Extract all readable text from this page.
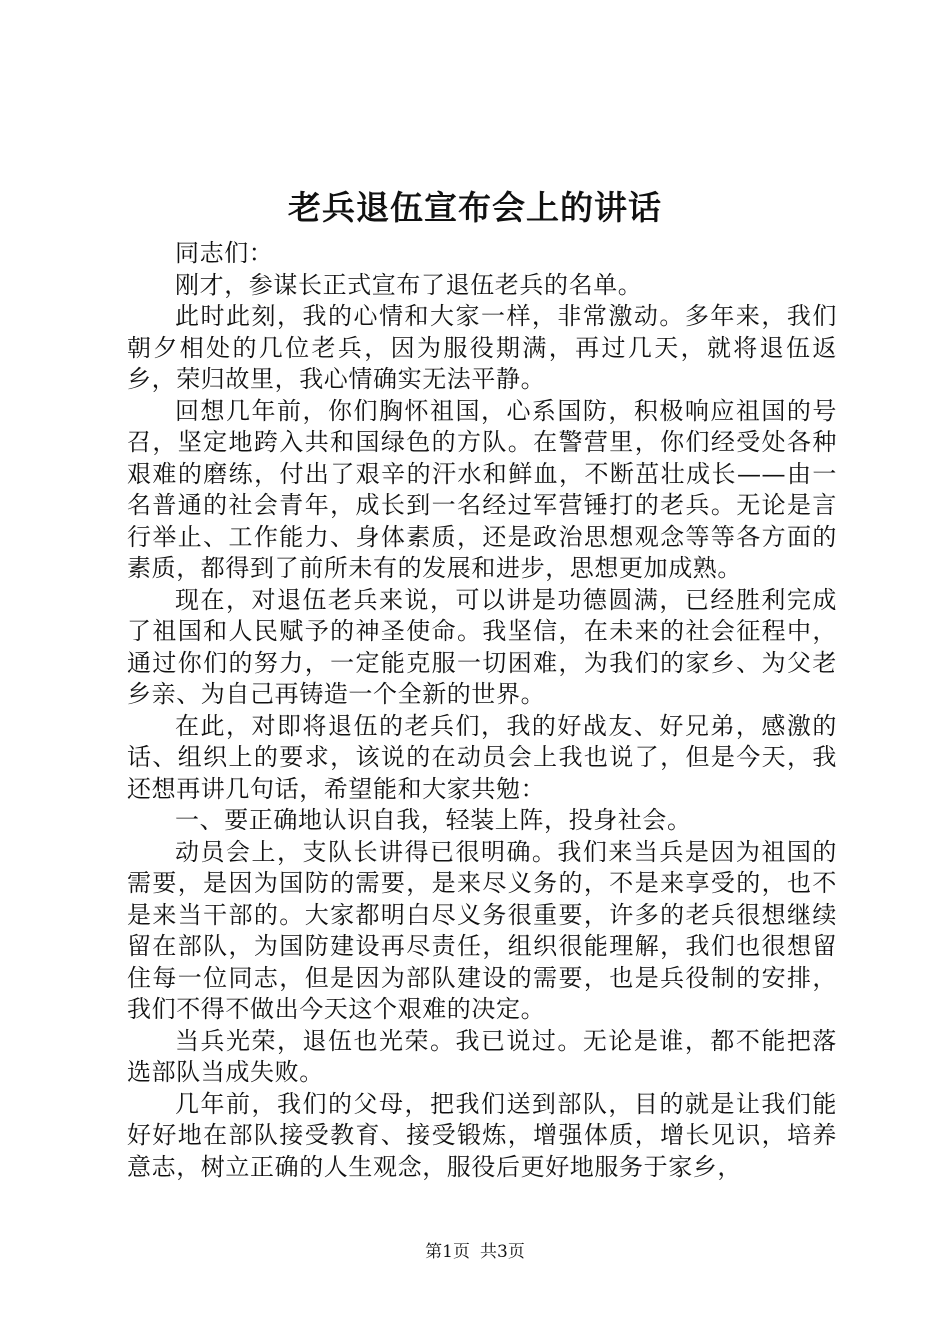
老兵退伍宣布会上的讲话

同志们：

刚才，参谋长正式宣布了退伍老兵的名单。

此时此刻，我的心情和大家一样，非常激动。多年来，我们朝夕相处的几位老兵，因为服役期满，再过几天，就将退伍返乡，荣归故里，我心情确实无法平静。

回想几年前，你们胸怀祖国，心系国防，积极响应祖国的号召，坚定地跨入共和国绿色的方队。在警营里，你们经受处各种艰难的磨练，付出了艰辛的汗水和鲜血，不断茁壮成长——由一名普通的社会青年，成长到一名经过军营锤打的老兵。无论是言行举止、工作能力、身体素质，还是政治思想观念等等各方面的素质，都得到了前所未有的发展和进步，思想更加成熟。

现在，对退伍老兵来说，可以讲是功德圆满，已经胜利完成了祖国和人民赋予的神圣使命。我坚信，在未来的社会征程中，通过你们的努力，一定能克服一切困难，为我们的家乡、为父老乡亲、为自己再铸造一个全新的世界。

在此，对即将退伍的老兵们，我的好战友、好兄弟，感激的话、组织上的要求，该说的在动员会上我也说了，但是今天，我还想再讲几句话，希望能和大家共勉：

一、要正确地认识自我，轻装上阵，投身社会。

动员会上，支队长讲得已很明确。我们来当兵是因为祖国的需要，是因为国防的需要，是来尽义务的，不是来享受的，也不是来当干部的。大家都明白尽义务很重要，许多的老兵很想继续留在部队，为国防建设再尽责任，组织很能理解，我们也很想留住每一位同志，但是因为部队建设的需要，也是兵役制的安排，我们不得不做出今天这个艰难的决定。

当兵光荣，退伍也光荣。我已说过。无论是谁，都不能把落选部队当成失败。

几年前，我们的父母，把我们送到部队，目的就是让我们能好好地在部队接受教育、接受锻炼，增强体质，增长见识，培养意志，树立正确的人生观念，服役后更好地服务于家乡，

第1页 共3页
